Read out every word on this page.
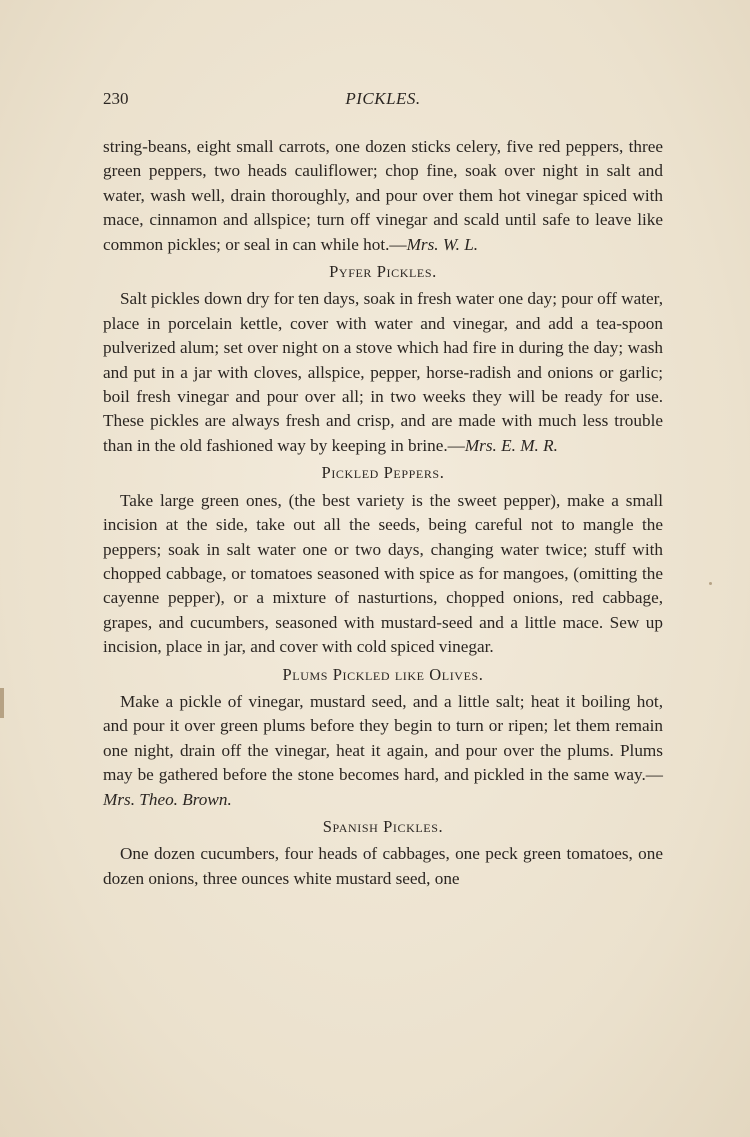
230	PICKLES.

string-beans, eight small carrots, one dozen sticks celery, five red peppers, three green peppers, two heads cauliflower; chop fine, soak over night in salt and water, wash well, drain thoroughly, and pour over them hot vinegar spiced with mace, cinnamon and allspice; turn off vinegar and scald until safe to leave like common pickles; or seal in can while hot.—Mrs. W. L.

Pyfer Pickles.

Salt pickles down dry for ten days, soak in fresh water one day; pour off water, place in porcelain kettle, cover with water and vinegar, and add a tea-spoon pulverized alum; set over night on a stove which had fire in during the day; wash and put in a jar with cloves, allspice, pepper, horse-radish and onions or garlic; boil fresh vinegar and pour over all; in two weeks they will be ready for use. These pickles are always fresh and crisp, and are made with much less trouble than in the old fashioned way by keeping in brine.—Mrs. E. M. R.

Pickled Peppers.

Take large green ones, (the best variety is the sweet pepper), make a small incision at the side, take out all the seeds, being careful not to mangle the peppers; soak in salt water one or two days, changing water twice; stuff with chopped cabbage, or tomatoes seasoned with spice as for mangoes, (omitting the cayenne pepper), or a mixture of nasturtions, chopped onions, red cabbage, grapes, and cucumbers, seasoned with mustard-seed and a little mace. Sew up incision, place in jar, and cover with cold spiced vinegar.

Plums Pickled like Olives.

Make a pickle of vinegar, mustard seed, and a little salt; heat it boiling hot, and pour it over green plums before they begin to turn or ripen; let them remain one night, drain off the vinegar, heat it again, and pour over the plums. Plums may be gathered before the stone becomes hard, and pickled in the same way.—Mrs. Theo. Brown.

Spanish Pickles.

One dozen cucumbers, four heads of cabbages, one peck green tomatoes, one dozen onions, three ounces white mustard seed, one
